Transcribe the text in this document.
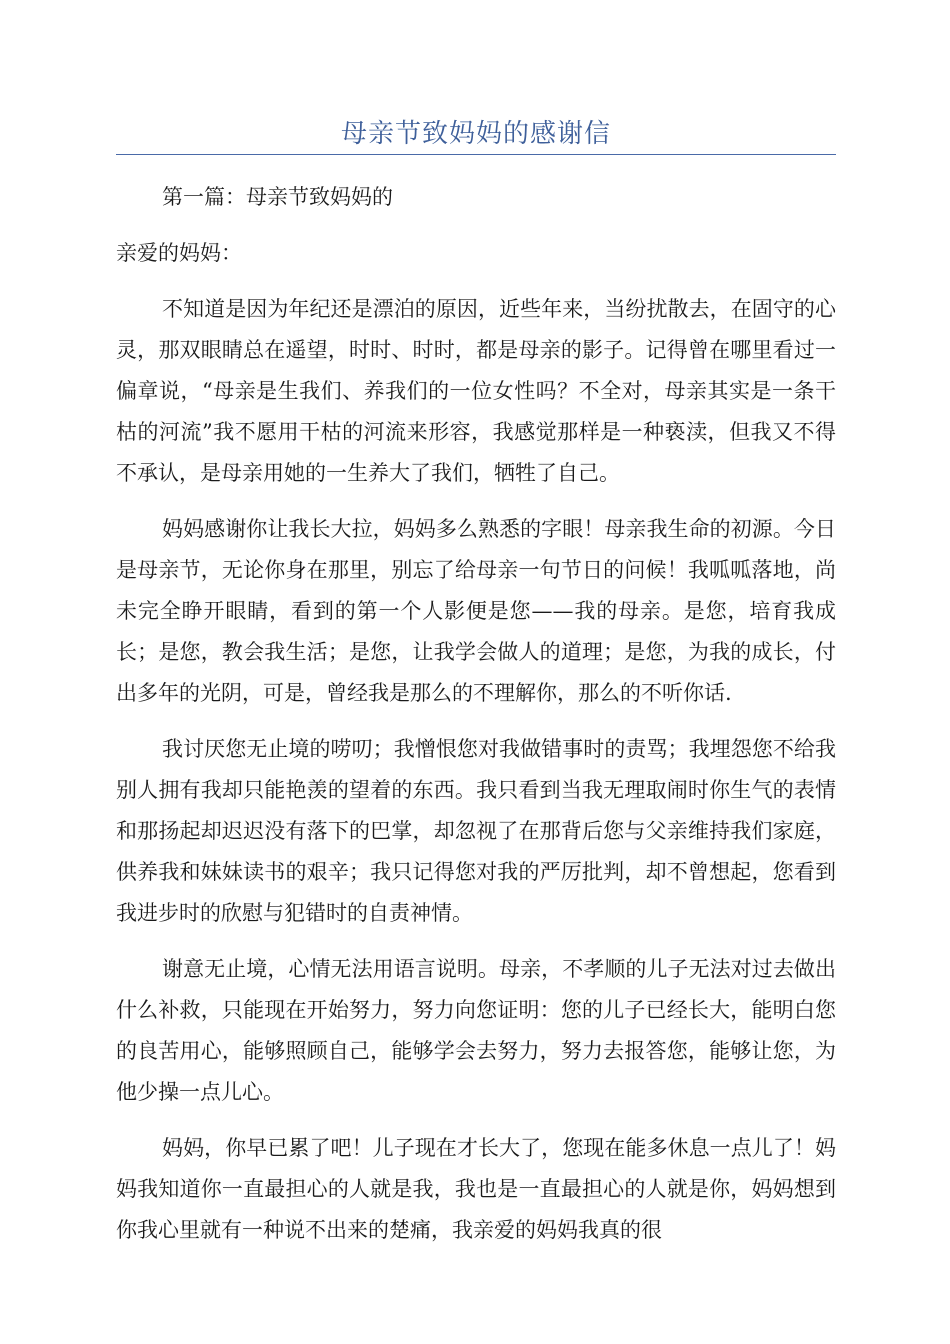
母亲节致妈妈的感谢信

第一篇：母亲节致妈妈的

亲爱的妈妈：

不知道是因为年纪还是漂泊的原因，近些年来，当纷扰散去，在固守的心灵，那双眼睛总在遥望，时时、时时，都是母亲的影子。记得曾在哪里看过一偏章说，“母亲是生我们、养我们的一位女性吗？不全对，母亲其实是一条干枯的河流”我不愿用干枯的河流来形容，我感觉那样是一种亵渎，但我又不得不承认，是母亲用她的一生养大了我们，牺牲了自己。

妈妈感谢你让我长大拉，妈妈多么熟悉的字眼！母亲我生命的初源。今日是母亲节，无论你身在那里，别忘了给母亲一句节日的问候！我呱呱落地，尚未完全睁开眼睛，看到的第一个人影便是您——我的母亲。是您，培育我成长；是您，教会我生活；是您，让我学会做人的道理；是您，为我的成长，付出多年的光阴，可是，曾经我是那么的不理解你，那么的不听你话.

我讨厌您无止境的唠叨；我憎恨您对我做错事时的责骂；我埋怨您不给我别人拥有我却只能艳羡的望着的东西。我只看到当我无理取闹时你生气的表情和那扬起却迟迟没有落下的巴掌，却忽视了在那背后您与父亲维持我们家庭，供养我和妹妹读书的艰辛；我只记得您对我的严厉批判，却不曾想起，您看到我进步时的欣慰与犯错时的自责神情。

谢意无止境，心情无法用语言说明。母亲，不孝顺的儿子无法对过去做出什么补救，只能现在开始努力，努力向您证明：您的儿子已经长大，能明白您的良苦用心，能够照顾自己，能够学会去努力，努力去报答您，能够让您，为他少操一点儿心。

妈妈，你早已累了吧！儿子现在才长大了，您现在能多休息一点儿了！妈妈我知道你一直最担心的人就是我，我也是一直最担心的人就是你，妈妈想到你我心里就有一种说不出来的楚痛，我亲爱的妈妈我真的很
